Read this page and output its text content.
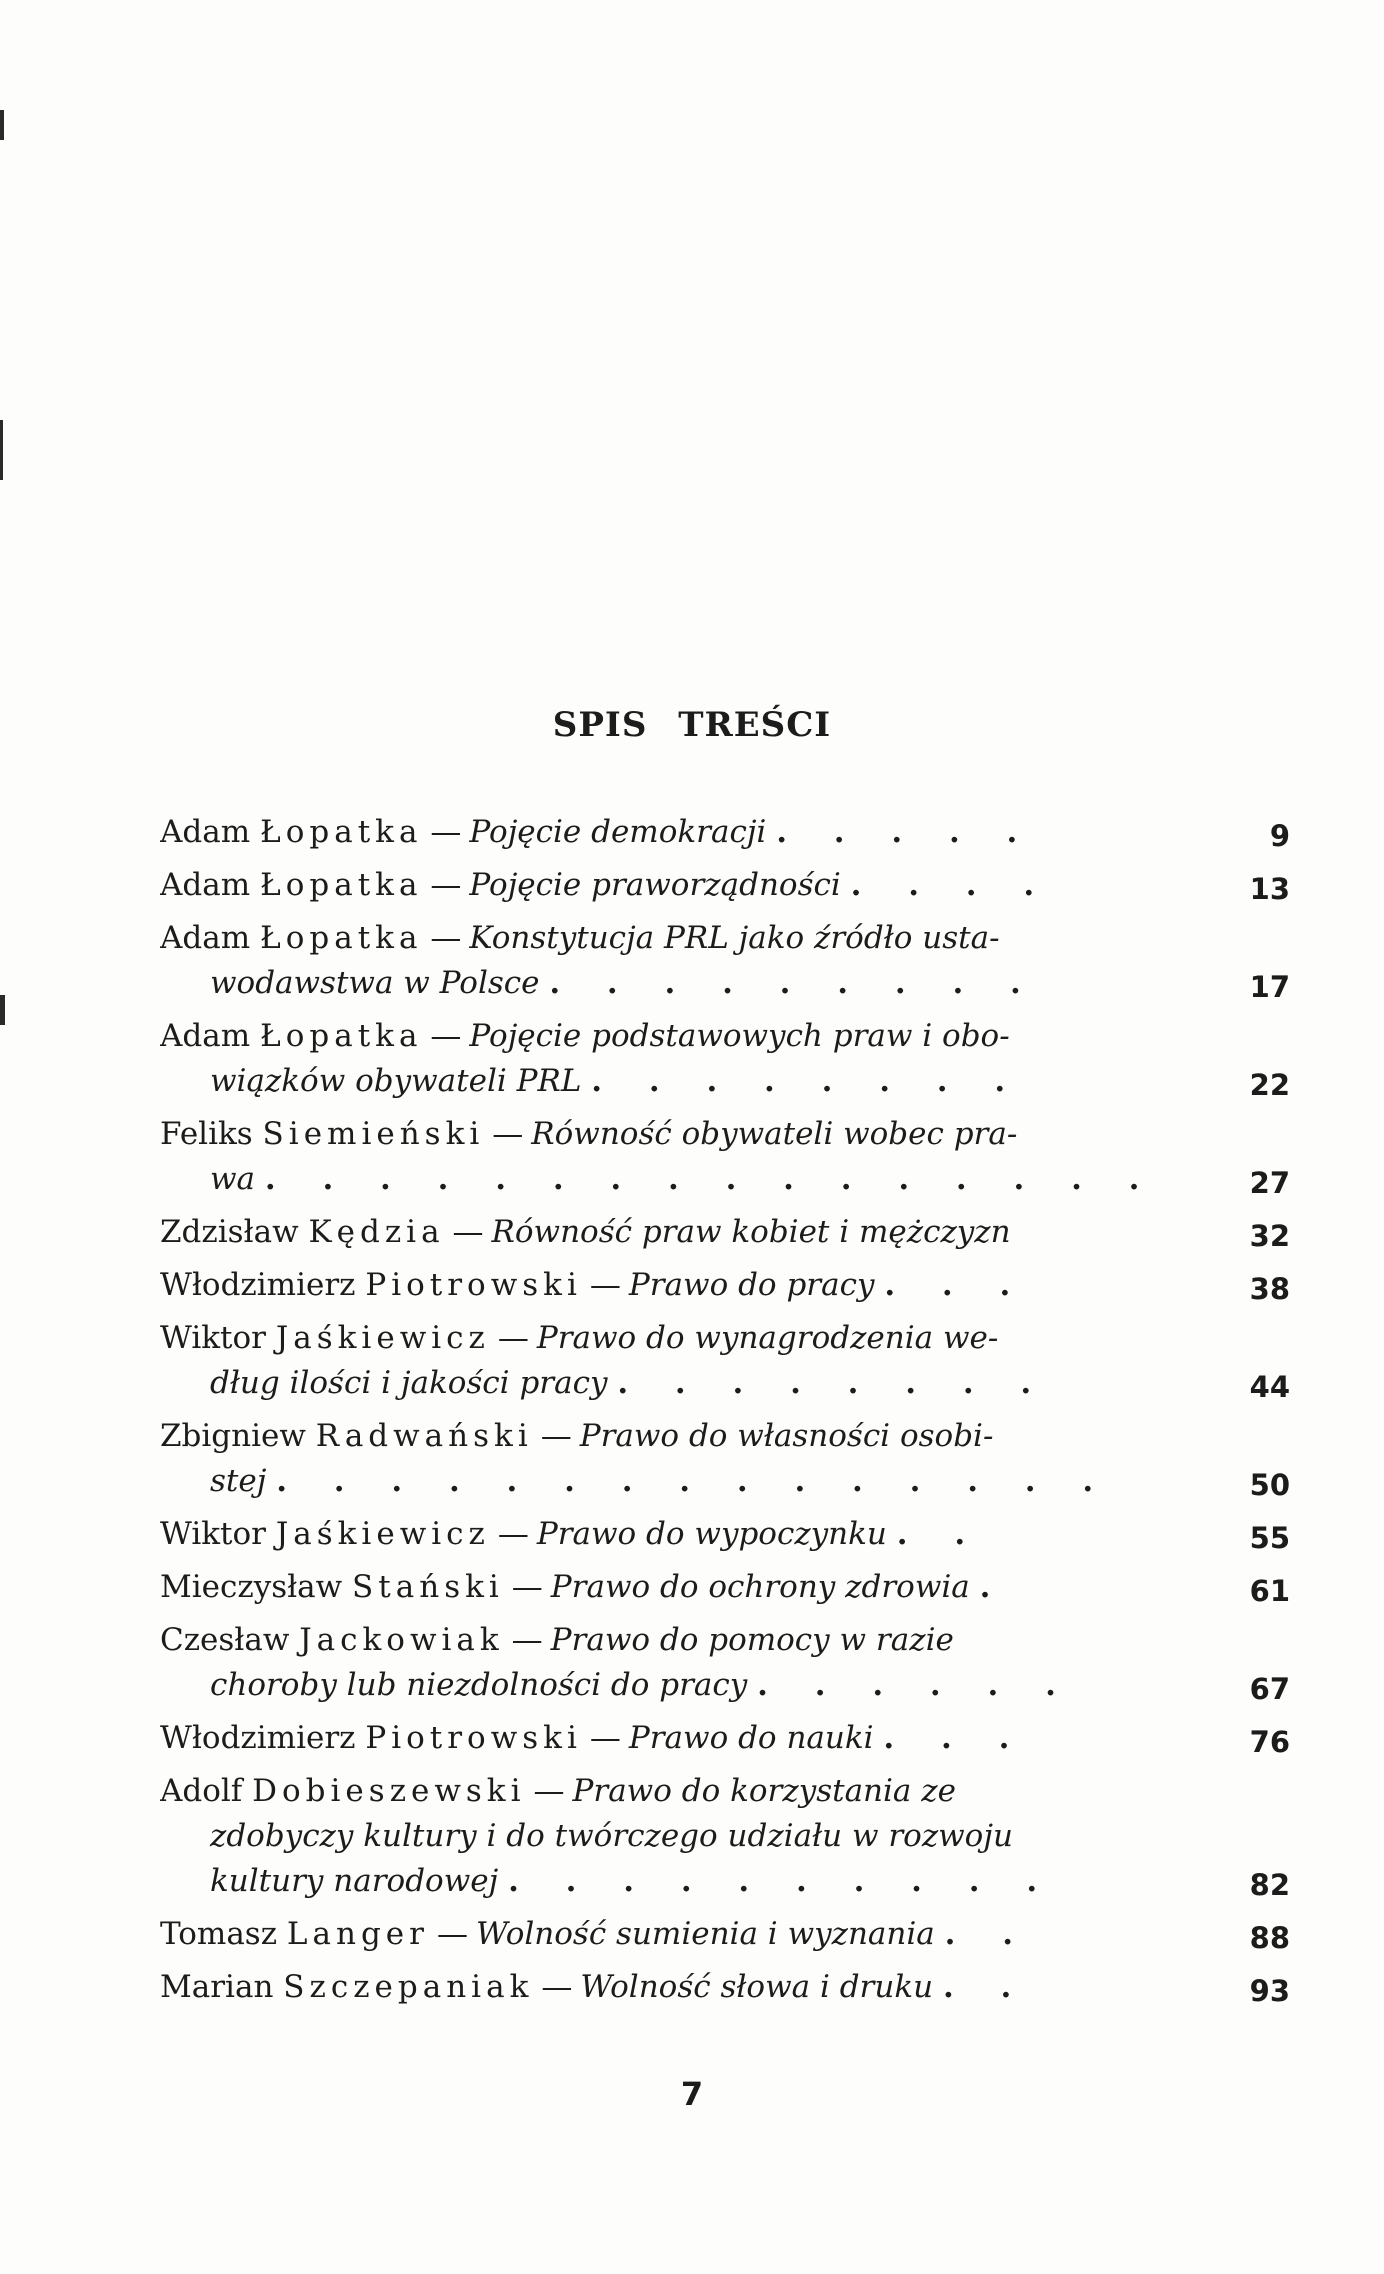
SPIS TREŚCI
Adam Łopatka — Pojęcie demokracji . . . . .	9
Adam Łopatka — Pojęcie praworządności . . . .	13
Adam Łopatka — Konstytucja PRL jako źródło usta-
wodawstwa w Polsce . . . . . . . . .	17
Adam Łopatka — Pojęcie podstawowych praw i obo-
wiązków obywateli PRL . . . . . . . .	22
Feliks Siemieński — Równość obywateli wobec pra-
wa . . . . . . . . . . . . . . . .	27
Zdzisław Kędzia — Równość praw kobiet i mężczyzn	32
Włodzimierz Piotrowski — Prawo do pracy . . .	38
Wiktor Jaśkiewicz — Prawo do wynagrodzenia we-
dług ilości i jakości pracy . . . . . . . .	44
Zbigniew Radwański — Prawo do własności osobi-
stej . . . . . . . . . . . . . . .	50
Wiktor Jaśkiewicz — Prawo do wypoczynku . .	55
Mieczysław Stański — Prawo do ochrony zdrowia .	61
Czesław Jackowiak — Prawo do pomocy w razie
choroby lub niezdolności do pracy . . . . . .	67
Włodzimierz Piotrowski — Prawo do nauki . . .	76
Adolf Dobieszewski — Prawo do korzystania ze
zdobyczy kultury i do twórczego udziału w rozwoju
kultury narodowej . . . . . . . . . .	82
Tomasz Langer — Wolność sumienia i wyznania . .	88
Marian Szczepaniak — Wolność słowa i druku . .	93
7
